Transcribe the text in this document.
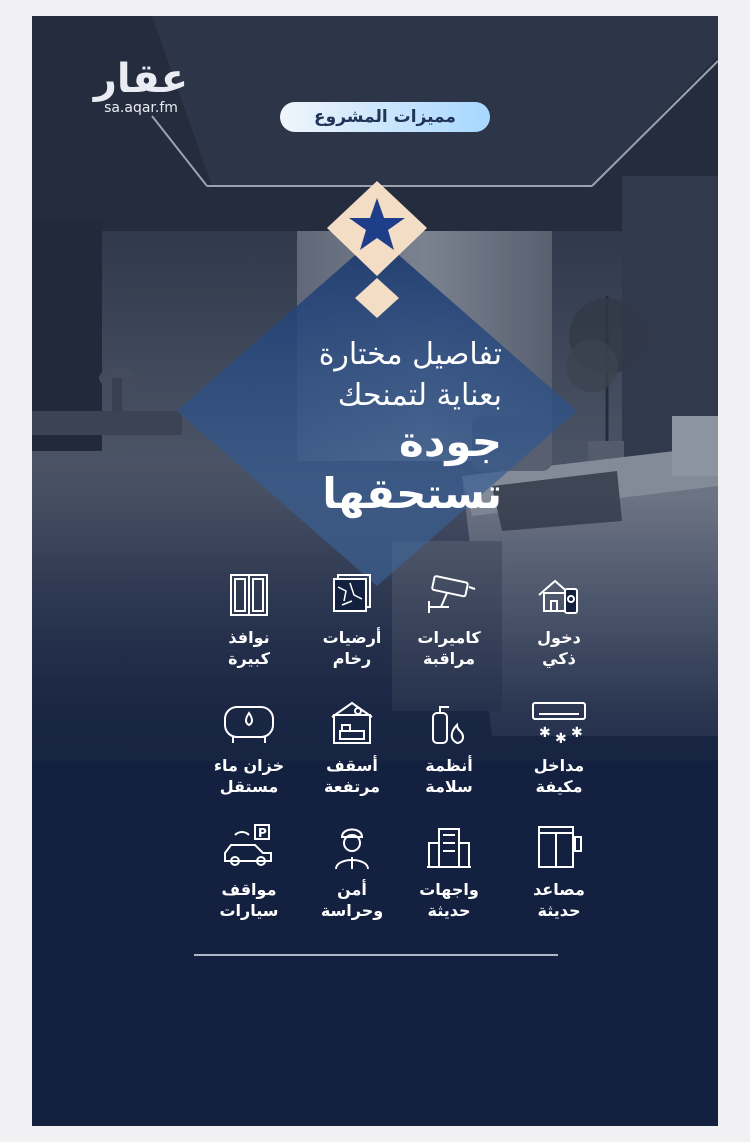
عقار
sa.aqar.fm	مميزات المشروع
تفاصيل مختارة
بعناية لتمنحك
جودة
تستحقها
دخول
ذكي
كاميرات
مراقبة
أرضيات
رخام
نوافذ
كبيرة
✱ ✱ ✱
مداخل
مكيفة
أنظمة
سلامة
أسقف
مرتفعة
خزان ماء
مستقل
مصاعد
حديثة
واجهات
حديثة
أمن
وحراسة
P
مواقف
سيارات
